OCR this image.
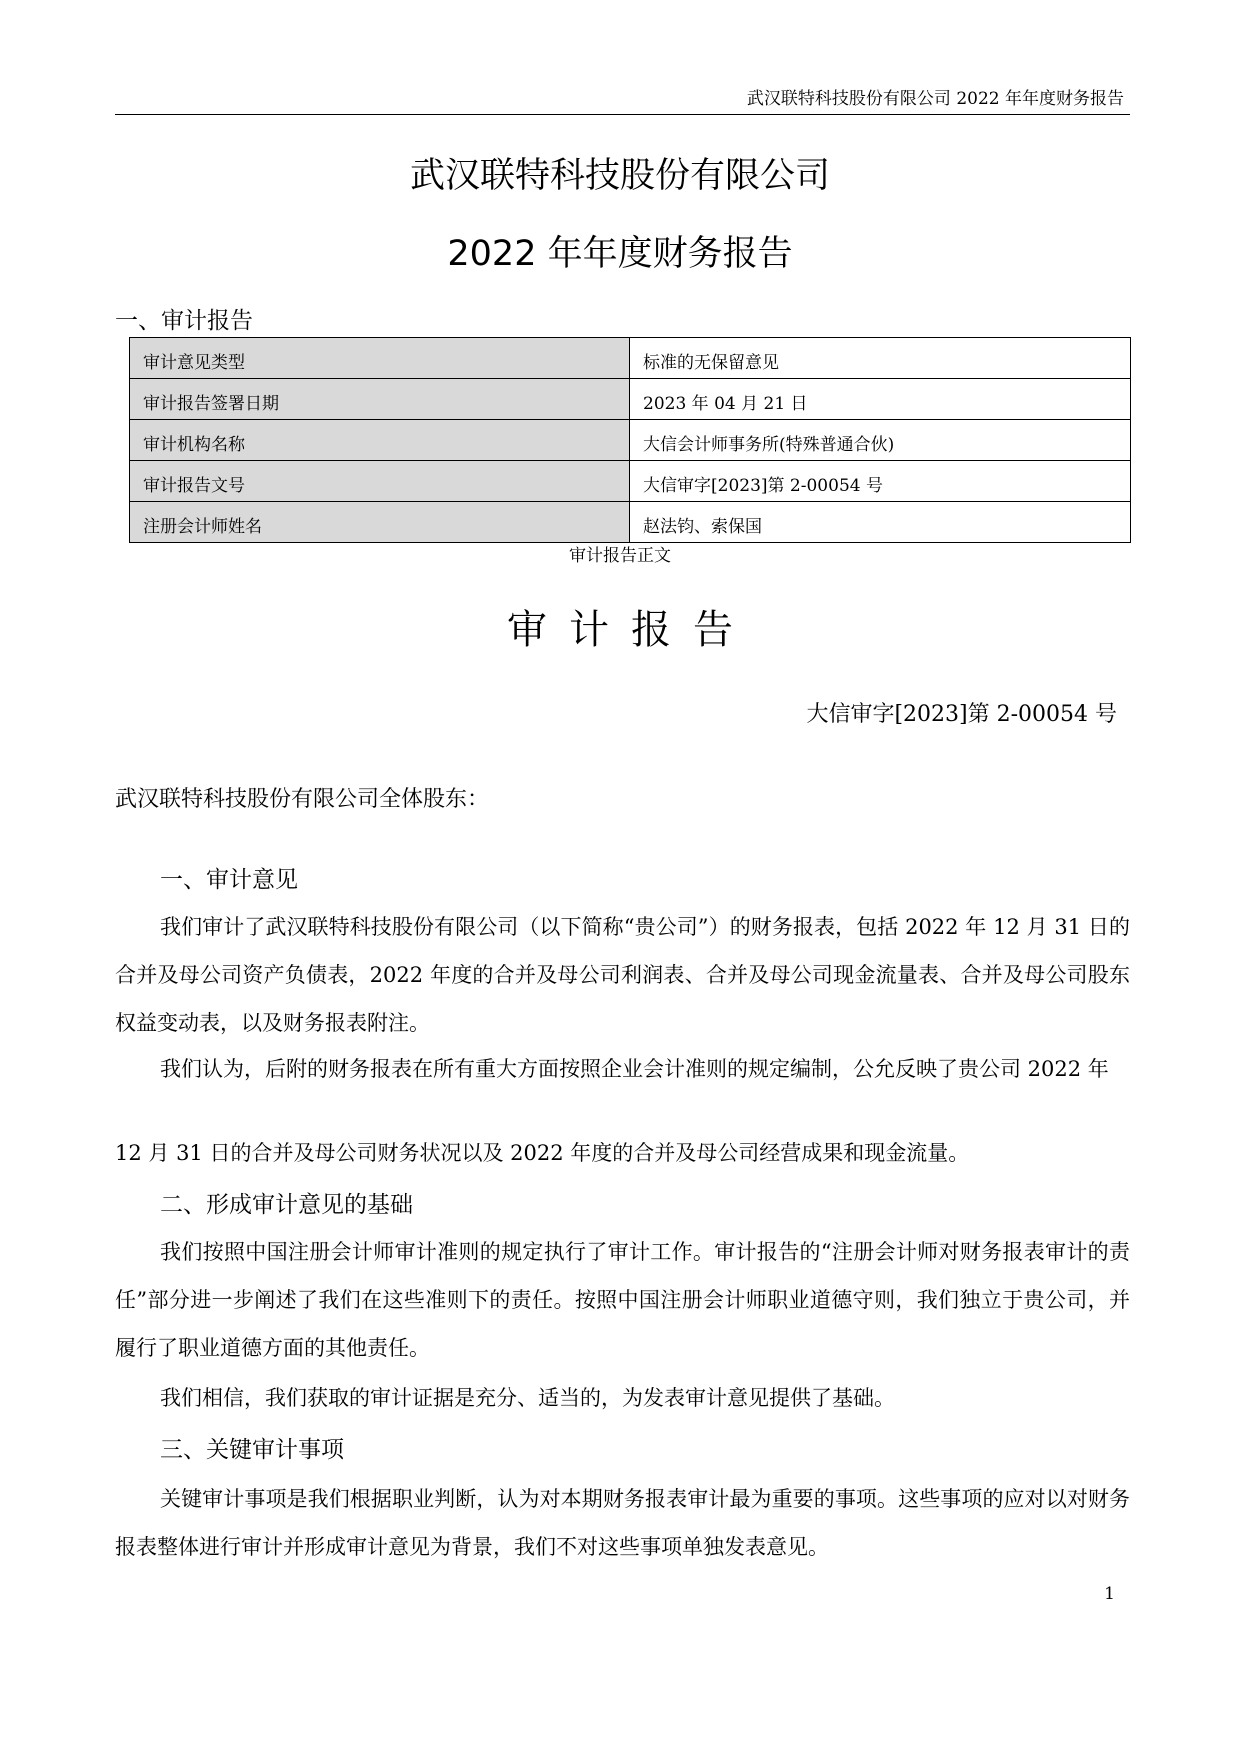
武汉联特科技股份有限公司 2022 年年度财务报告
武汉联特科技股份有限公司
2022 年年度财务报告
一、审计报告
审计意见类型	标准的无保留意见
审计报告签署日期	2023 年 04 月 21 日
审计机构名称	大信会计师事务所(特殊普通合伙)
审计报告文号	大信审字[2023]第 2-00054 号
注册会计师姓名	赵法钧、索保国
审计报告正文
审计报告
大信审字[2023]第 2-00054 号
武汉联特科技股份有限公司全体股东：
一、审计意见

我们审计了武汉联特科技股份有限公司（以下简称“贵公司”）的财务报表，包括 2022 年 12 月 31 日的合并及母公司资产负债表，2022 年度的合并及母公司利润表、合并及母公司现金流量表、合并及母公司股东权益变动表，以及财务报表附注。

我们认为，后附的财务报表在所有重大方面按照企业会计准则的规定编制，公允反映了贵公司 2022 年

12 月 31 日的合并及母公司财务状况以及 2022 年度的合并及母公司经营成果和现金流量。

二、形成审计意见的基础

我们按照中国注册会计师审计准则的规定执行了审计工作。审计报告的“注册会计师对财务报表审计的责任”部分进一步阐述了我们在这些准则下的责任。按照中国注册会计师职业道德守则，我们独立于贵公司，并履行了职业道德方面的其他责任。

我们相信，我们获取的审计证据是充分、适当的，为发表审计意见提供了基础。

三、关键审计事项

关键审计事项是我们根据职业判断，认为对本期财务报表审计最为重要的事项。这些事项的应对以对财务报表整体进行审计并形成审计意见为背景，我们不对这些事项单独发表意见。

1
